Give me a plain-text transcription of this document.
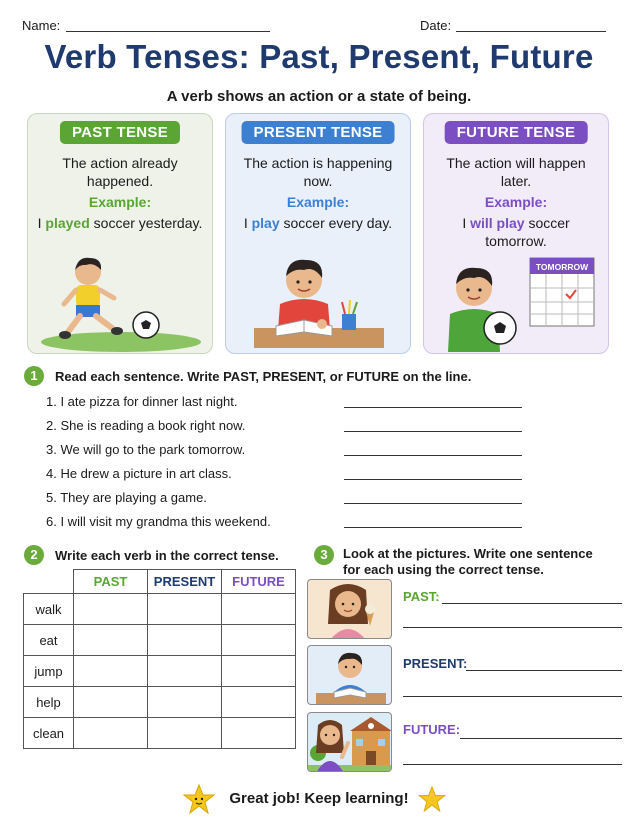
Name:	Date:
Verb Tenses: Past, Present, Future
A verb shows an action or a state of being.
PAST TENSE
The action already happened.
Example:
I played soccer yesterday.
PRESENT TENSE
The action is happening now.
Example:
I play soccer every day.
FUTURE TENSE
The action will happen later.
Example:
I will play soccer tomorrow.
TOMORROW
1	Read each sentence. Write PAST, PRESENT, or FUTURE on the line.
1. I ate pizza for dinner last night.
2. She is reading a book right now.
3. We will go to the park tomorrow.
4. He drew a picture in art class.
5. They are playing a game.
6. I will visit my grandma this weekend.
2	Write each verb in the correct tense.
	PAST	PRESENT	FUTURE
walk			
eat			
jump			
help			
clean			
3	Look at the pictures. Write one sentence
for each using the correct tense.
PAST:
PRESENT:
FUTURE:
Great job! Keep learning!
